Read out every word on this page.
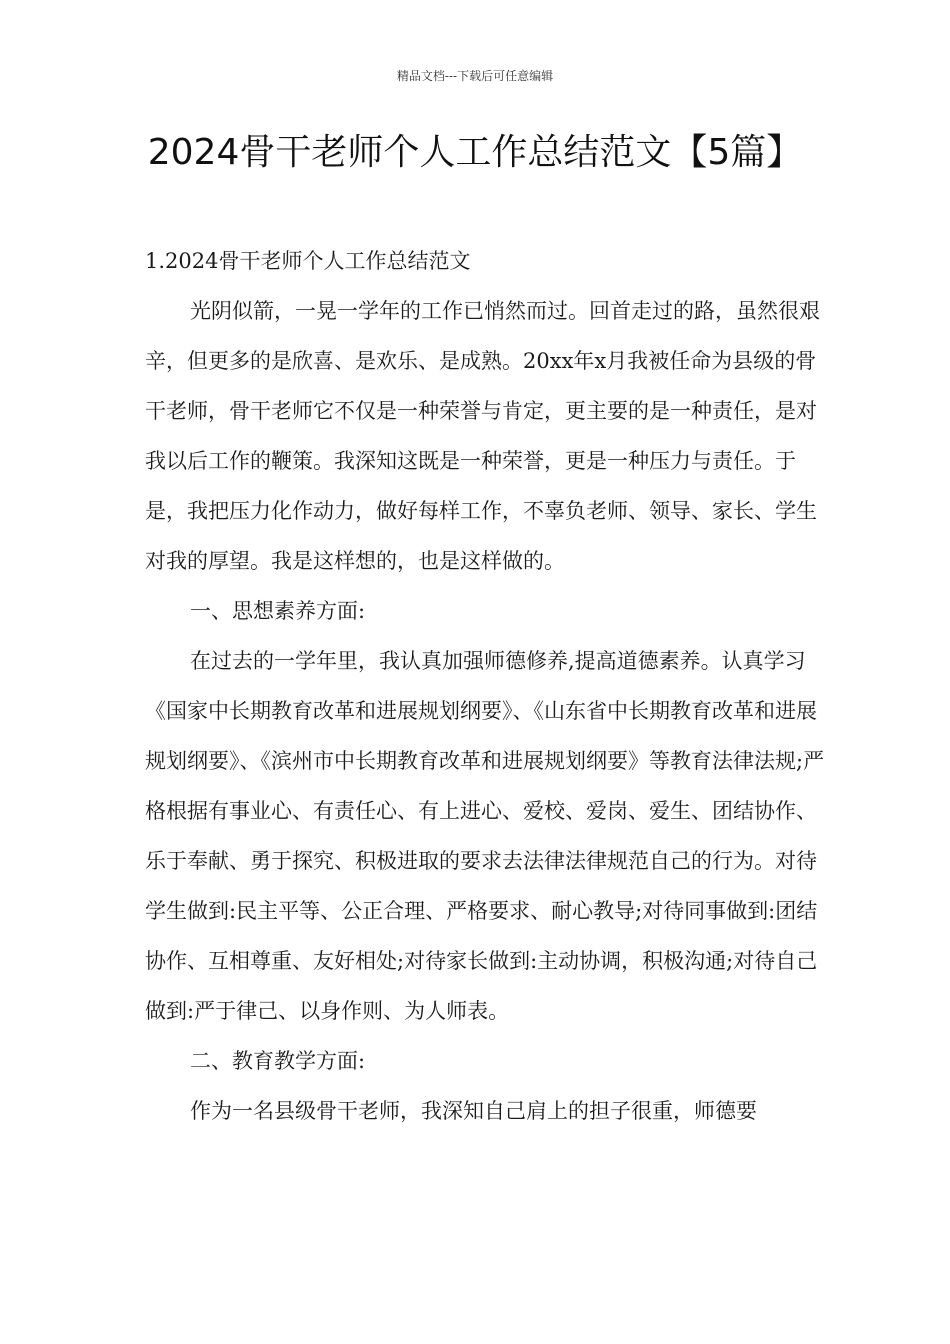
精品文档---下载后可任意编辑
2024骨干老师个人工作总结范文【5篇】

1.2024骨干老师个人工作总结范文

光阴似箭，一晃一学年的工作已悄然而过。回首走过的路，虽然很艰辛，但更多的是欣喜、是欢乐、是成熟。20xx年x月我被任命为县级的骨干老师，骨干老师它不仅是一种荣誉与肯定，更主要的是一种责任，是对我以后工作的鞭策。我深知这既是一种荣誉，更是一种压力与责任。于是，我把压力化作动力，做好每样工作，不辜负老师、领导、家长、学生对我的厚望。我是这样想的，也是这样做的。

一、思想素养方面:

在过去的一学年里，我认真加强师德修养,提高道德素养。认真学习《国家中长期教育改革和进展规划纲要》、《山东省中长期教育改革和进展规划纲要》、《滨州市中长期教育改革和进展规划纲要》等教育法律法规;严格根据有事业心、有责任心、有上进心、爱校、爱岗、爱生、团结协作、乐于奉献、勇于探究、积极进取的要求去法律法律规范自己的行为。对待学生做到:民主平等、公正合理、严格要求、耐心教导;对待同事做到:团结协作、互相尊重、友好相处;对待家长做到:主动协调，积极沟通;对待自己做到:严于律己、以身作则、为人师表。

二、教育教学方面:

作为一名县级骨干老师，我深知自己肩上的担子很重，师德要
